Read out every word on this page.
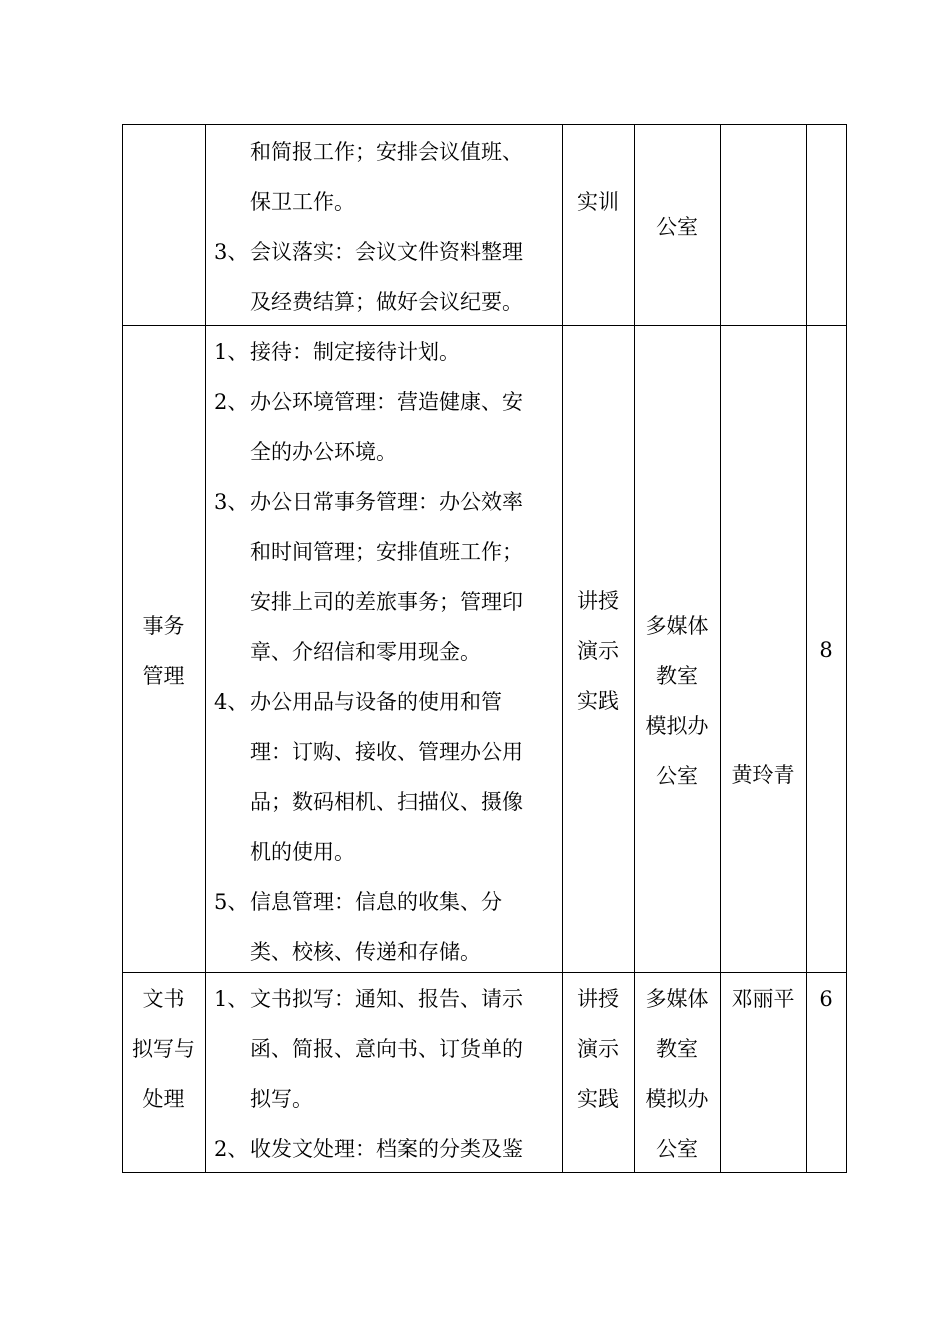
和简报工作；安排会议值班、
保卫工作。
3、 会议落实：会议文件资料整理
及经费结算；做好会议纪要。
实训
公室
1、 接待：制定接待计划。
2、 办公环境管理：营造健康、安
全的办公环境。
3、 办公日常事务管理：办公效率
和时间管理；安排值班工作；
安排上司的差旅事务；管理印
章、介绍信和零用现金。
4、 办公用品与设备的使用和管
理：订购、接收、管理办公用
品；数码相机、扫描仪、摄像
机的使用。
5、 信息管理：信息的收集、分
类、校核、传递和存储。
事务
管理
讲授
演示
实践
多媒体
教室
模拟办
公室	黄玲青
8
1、 文书拟写：通知、报告、请示
函、简报、意向书、订货单的
拟写。
2、 收发文处理：档案的分类及鉴
文书
拟写与
处理
讲授
演示
实践
多媒体
教室
模拟办
公室
邓丽平	6
